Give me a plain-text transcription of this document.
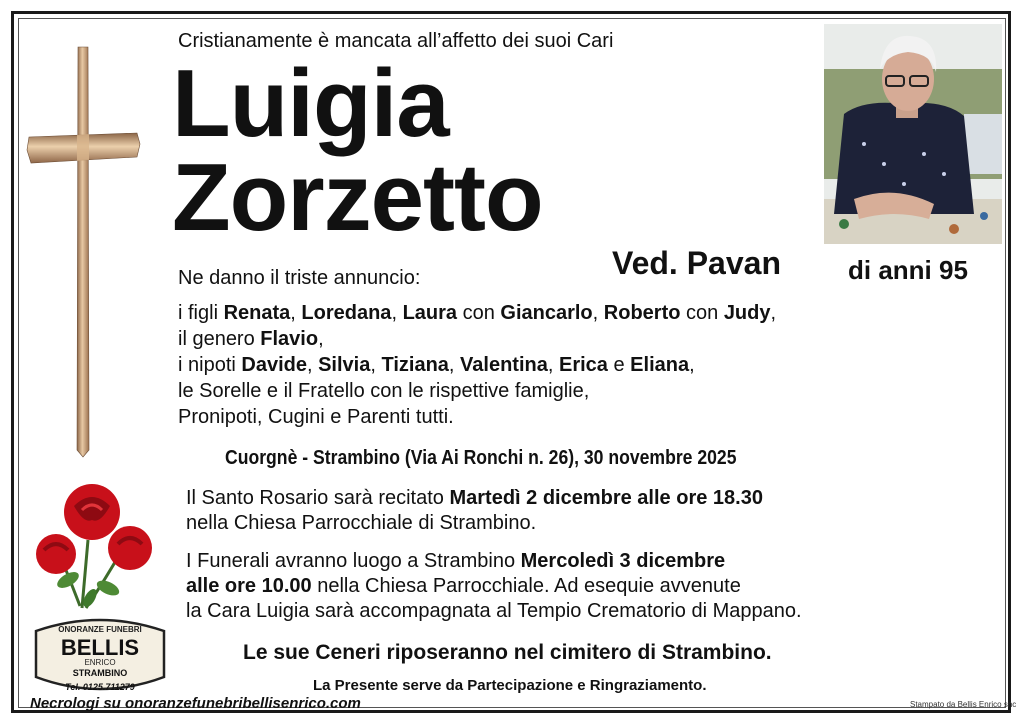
ONORANZE FUNEBRI
BELLIS
ENRICO
STRAMBINO
Tel. 0125.711279
Cristianamente è mancata all’affetto dei suoi Cari
Luigia
Zorzetto
Ved. Pavan	di anni 95
Ne danno il triste annuncio:
i figli Renata, Loredana, Laura con Giancarlo, Roberto con Judy,
il genero Flavio,
i nipoti Davide, Silvia, Tiziana, Valentina, Erica e Eliana,
le Sorelle e il Fratello con le rispettive famiglie,
Pronipoti, Cugini e Parenti tutti.
Cuorgnè - Strambino (Via Ai Ronchi n. 26), 30 novembre 2025
Il Santo Rosario sarà recitato Martedì 2 dicembre alle ore 18.30
nella Chiesa Parrocchiale di Strambino.
I Funerali avranno luogo a Strambino Mercoledì 3 dicembre
alle ore 10.00 nella Chiesa Parrocchiale. Ad esequie avvenute
la Cara Luigia sarà accompagnata al Tempio Crematorio di Mappano.
Le sue Ceneri riposeranno nel cimitero di Strambino.
La Presente serve da Partecipazione e Ringraziamento.
Necrologi su onoranzefunebribellisenrico.com	Stampato da Bellis Enrico snc
